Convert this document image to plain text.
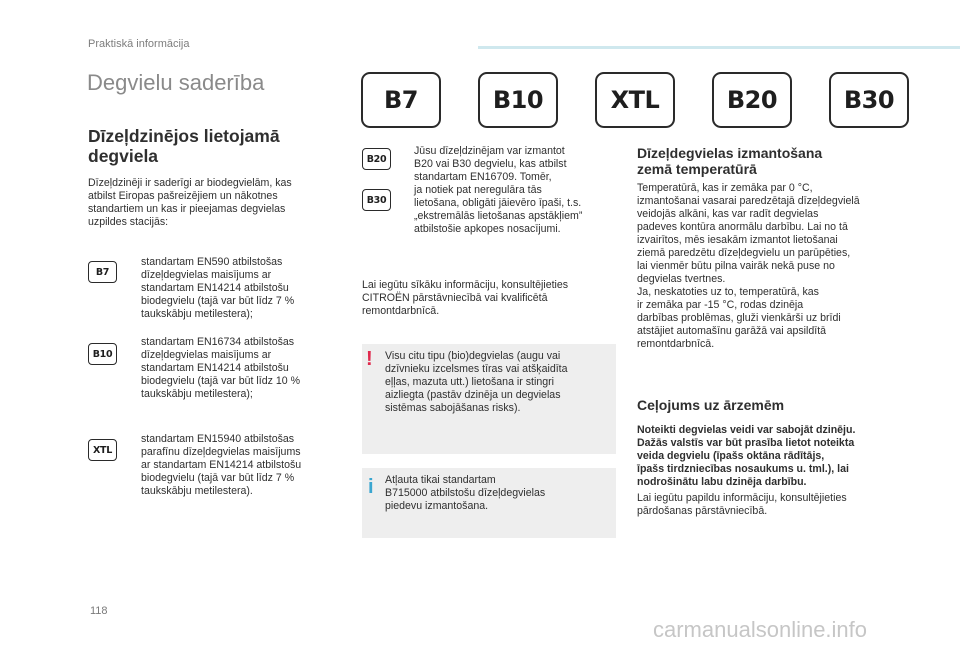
Praktiskā informācija
Degvielu saderība
B7	B10	XTL	B20	B30
Dīzeļdzinējos lietojamā
degviela
Dīzeļdzinēji ir saderīgi ar biodegvielām, kas
atbilst Eiropas pašreizējiem un nākotnes
standartiem un kas ir pieejamas degvielas
uzpildes stacijās:
B7
standartam EN590 atbilstošas
dīzeļdegvielas maisījums ar
standartam EN14214 atbilstošu
biodegvielu (tajā var būt līdz 7 %
taukskābju metilestera);
B10
standartam EN16734 atbilstošas
dīzeļdegvielas maisījums ar
standartam EN14214 atbilstošu
biodegvielu (tajā var būt līdz 10 %
taukskābju metilestera);
XTL
standartam EN15940 atbilstošas
parafīnu dīzeļdegvielas maisījums
ar standartam EN14214 atbilstošu
biodegvielu (tajā var būt līdz 7 %
taukskābju metilestera).
B20
B30
Jūsu dīzeļdzinējam var izmantot
B20 vai B30 degvielu, kas atbilst
standartam EN16709. Tomēr,
ja notiek pat neregulāra tās
lietošana, obligāti jāievēro īpaši, t.s.
„ekstremālās lietošanas apstākļiem”
atbilstošie apkopes nosacījumi.
Lai iegūtu sīkāku informāciju, konsultējieties
CITROËN pārstāvniecībā vai kvalificētā
remontdarbnīcā.
! Visu citu tipu (bio)degvielas (augu vai
dzīvnieku izcelsmes tīras vai atšķaidīta
eļļas, mazuta utt.) lietošana ir stingri
aizliegta (pastāv dzinēja un degvielas
sistēmas sabojāšanas risks).
i Atļauta tikai standartam
B715000 atbilstošu dīzeļdegvielas
piedevu izmantošana.
Dīzeļdegvielas izmantošana
zemā temperatūrā
Temperatūrā, kas ir zemāka par 0 °C,
izmantošanai vasarai paredzētajā dīzeļdegvielā
veidojās alkāni, kas var radīt degvielas
padeves kontūra anormālu darbību. Lai no tā
izvairītos, mēs iesakām izmantot lietošanai
ziemā paredzētu dīzeļdegvielu un parūpēties,
lai vienmēr būtu pilna vairāk nekā puse no
degvielas tvertnes.
Ja, neskatoties uz to, temperatūrā, kas
ir zemāka par -15 °C, rodas dzinēja
darbības problēmas, gluži vienkārši uz brīdi
atstājiet automašīnu garāžā vai apsildītā
remontdarbnīcā.
Ceļojums uz ārzemēm
Noteikti degvielas veidi var sabojāt dzinēju.
Dažās valstīs var būt prasība lietot noteikta
veida degvielu (īpašs oktāna rādītājs,
īpašs tirdzniecības nosaukums u. tml.), lai
nodrošinātu labu dzinēja darbību.
Lai iegūtu papildu informāciju, konsultējieties
pārdošanas pārstāvniecībā.
118
carmanualsonline.info
